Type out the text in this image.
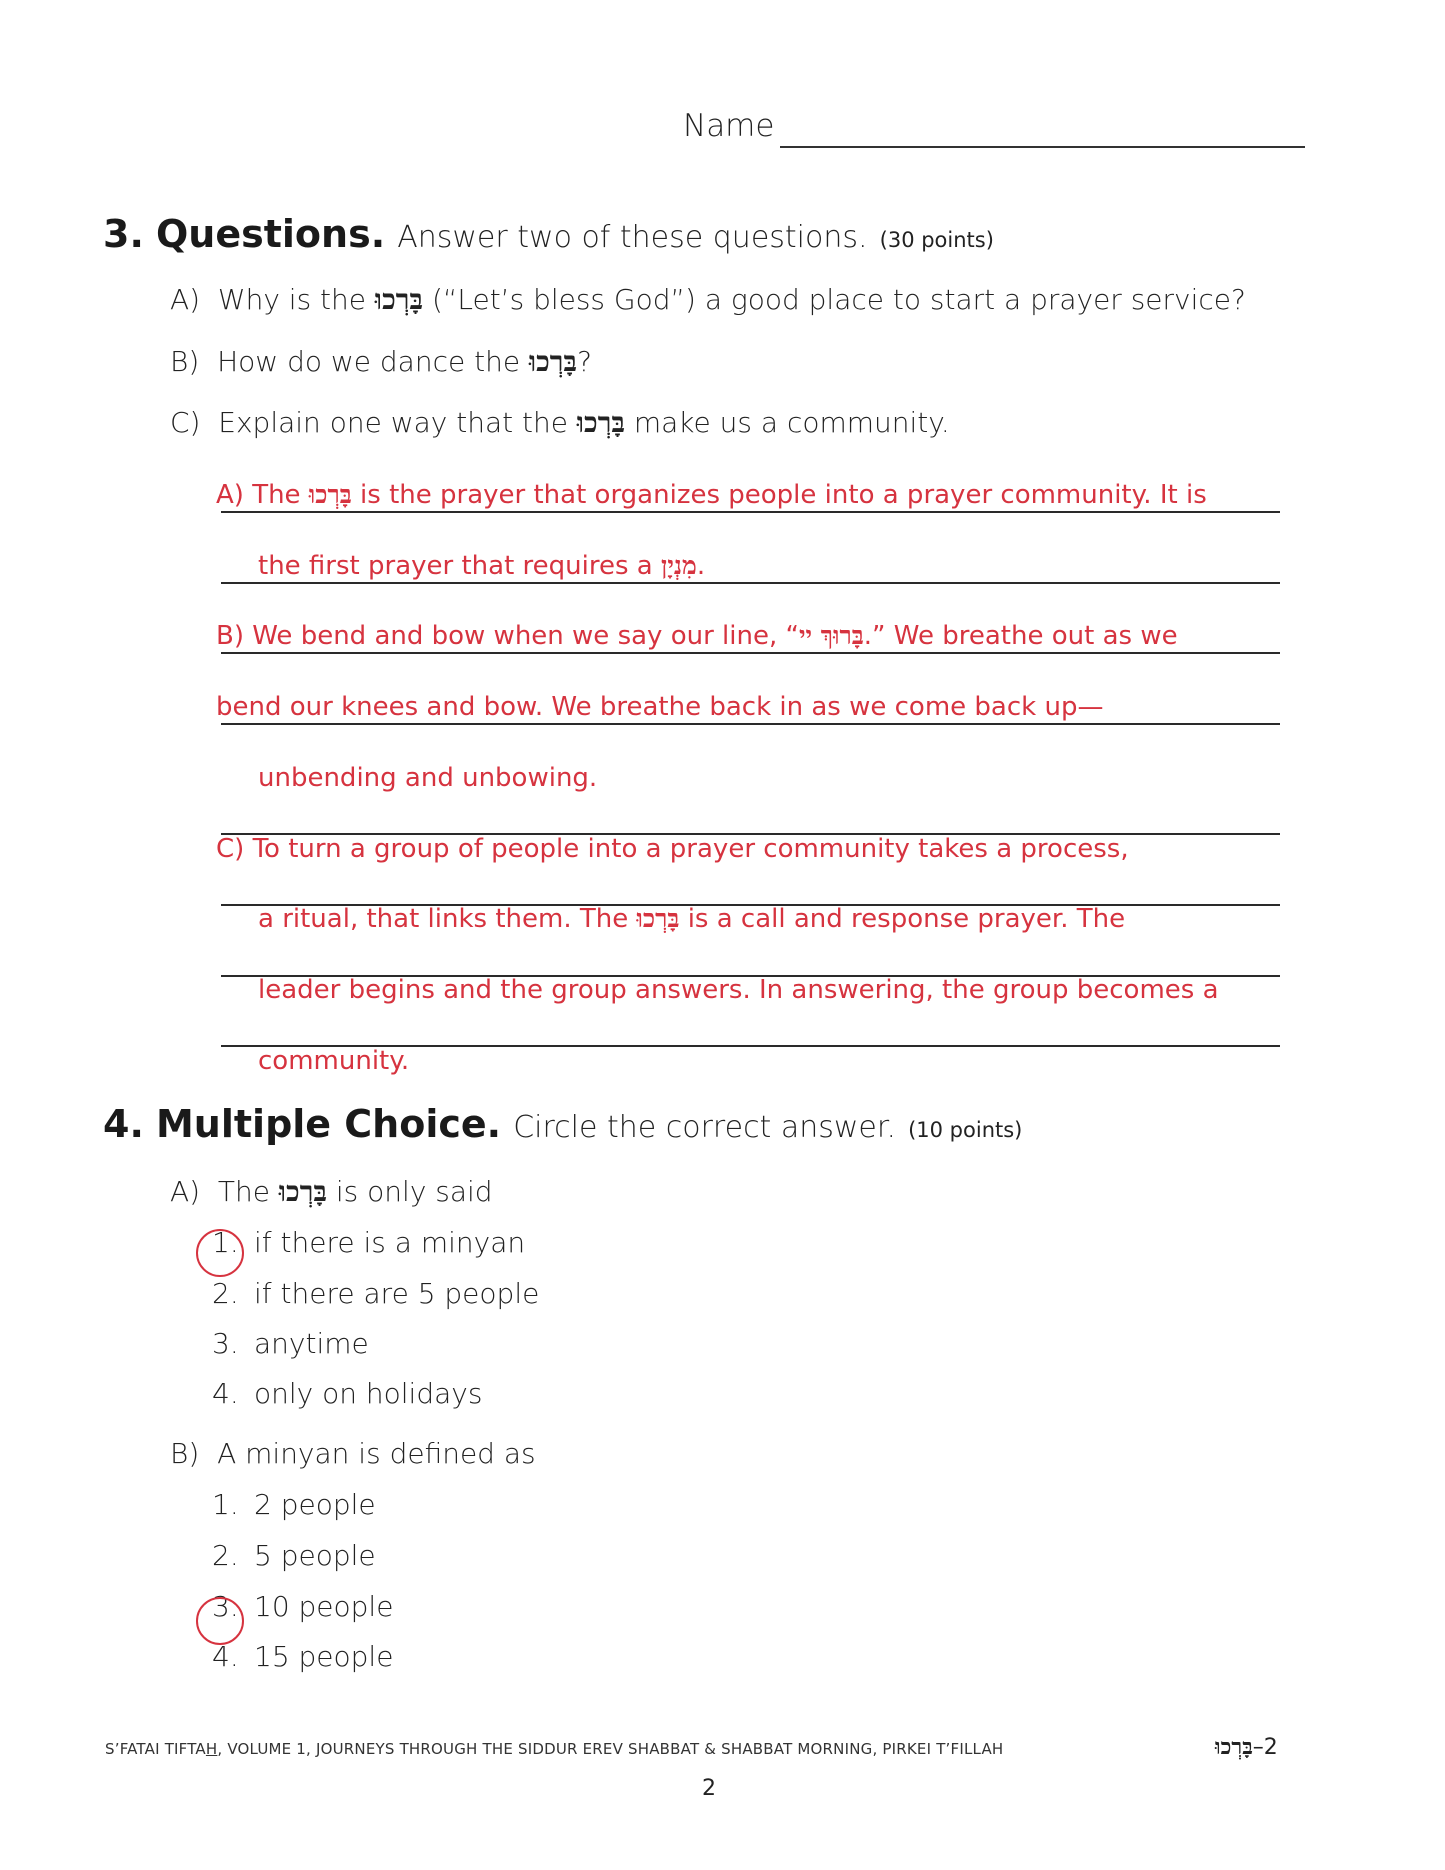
Name
3. Questions. Answer two of these questions. (30 points)
A) Why is the בָּרְכוּ (“Let’s bless God”) a good place to start a prayer service?
B) How do we dance the בָּרְכוּ?
C) Explain one way that the בָּרְכוּ make us a community.
A) The בָּרְכוּ is the prayer that organizes people into a prayer community. It is
the first prayer that requires a מִנְיָן.
B) We bend and bow when we say our line, “בָּרוּךְ יי.” We breathe out as we
bend our knees and bow. We breathe back in as we come back up—
unbending and unbowing.
C) To turn a group of people into a prayer community takes a process,
a ritual, that links them. The בָּרְכוּ is a call and response prayer. The
leader begins and the group answers. In answering, the group becomes a
community.
4. Multiple Choice. Circle the correct answer. (10 points)
A) The בָּרְכוּ is only said
1. if there is a minyan
2. if there are 5 people
3. anytime
4. only on holidays
B) A minyan is defined as
1. 2 people
2. 5 people
3. 10 people
4. 15 people
S’FATAI TIFTAH, VOLUME 1, JOURNEYS THROUGH THE SIDDUR EREV SHABBAT & SHABBAT MORNING, PIRKEI T’FILLAH	בָּרְכוּ–2
2
